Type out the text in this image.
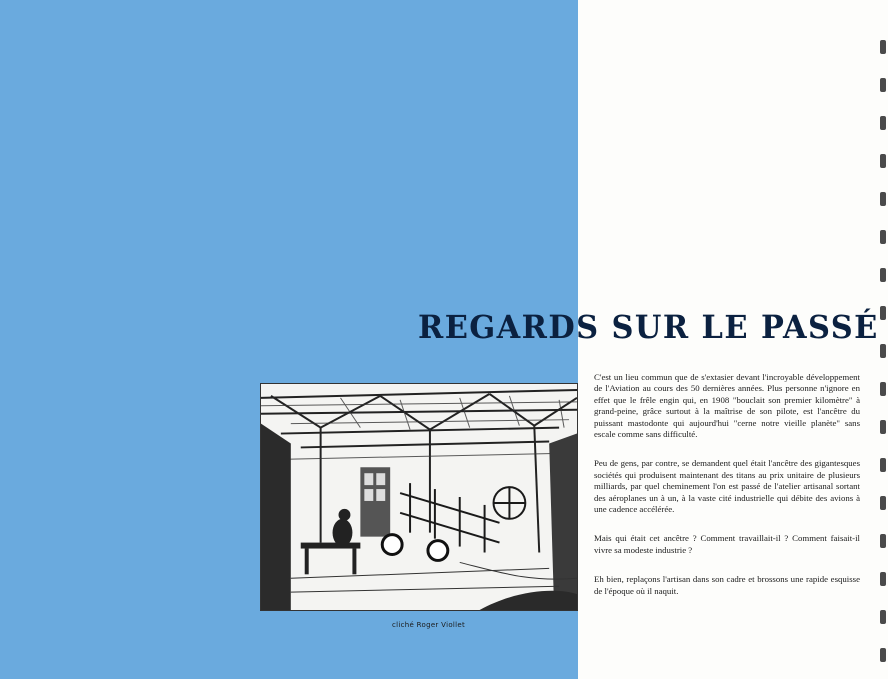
REGARDS SUR LE PASSÉ
cliché Roger Viollet

C'est un lieu commun que de s'extasier devant l'incroyable développement de l'Aviation au cours des 50 dernières années. Plus personne n'ignore en effet que le frêle engin qui, en 1908 "bouclait son premier kilomètre" à grand-peine, grâce surtout à la maîtrise de son pilote, est l'ancêtre du puissant mastodonte qui aujourd'hui "cerne notre vieille planète" sans escale comme sans difficulté.

Peu de gens, par contre, se demandent quel était l'ancêtre des gigantesques sociétés qui produisent maintenant des titans au prix unitaire de plusieurs milliards, par quel cheminement l'on est passé de l'atelier artisanal sortant des aéroplanes un à un, à la vaste cité industrielle qui débite des avions à une cadence accélérée.

Mais qui était cet ancêtre ? Comment travaillait-il ? Comment faisait-il vivre sa modeste industrie ?

Eh bien, replaçons l'artisan dans son cadre et brossons une rapide esquisse de l'époque où il naquit.
